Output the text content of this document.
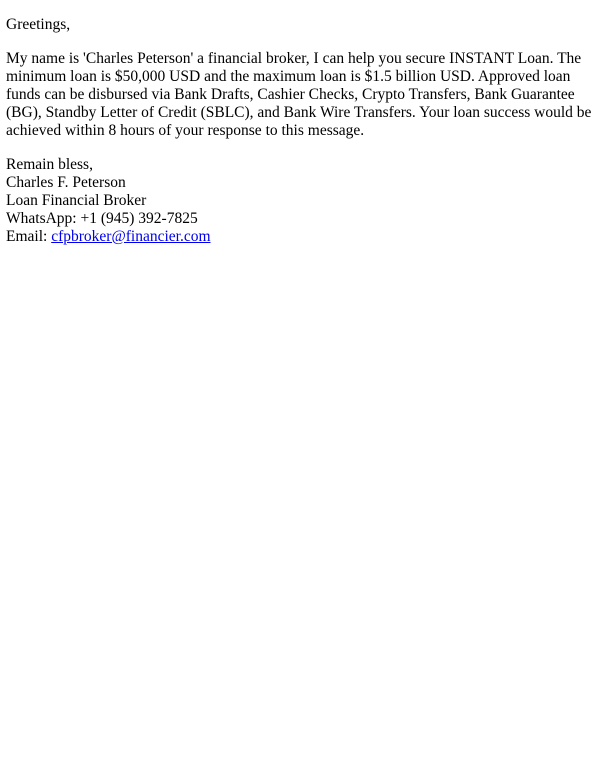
Greetings,

My name is 'Charles Peterson' a financial broker, I can help you secure INSTANT Loan. The minimum loan is $50,000 USD and the maximum loan is $1.5 billion USD. Approved loan funds can be disbursed via Bank Drafts, Cashier Checks, Crypto Transfers, Bank Guarantee (BG), Standby Letter of Credit (SBLC), and Bank Wire Transfers. Your loan success would be achieved within 8 hours of your response to this message.

Remain bless,
Charles F. Peterson
Loan Financial Broker
WhatsApp: +1 (945) 392-7825
Email: cfpbroker@financier.com
